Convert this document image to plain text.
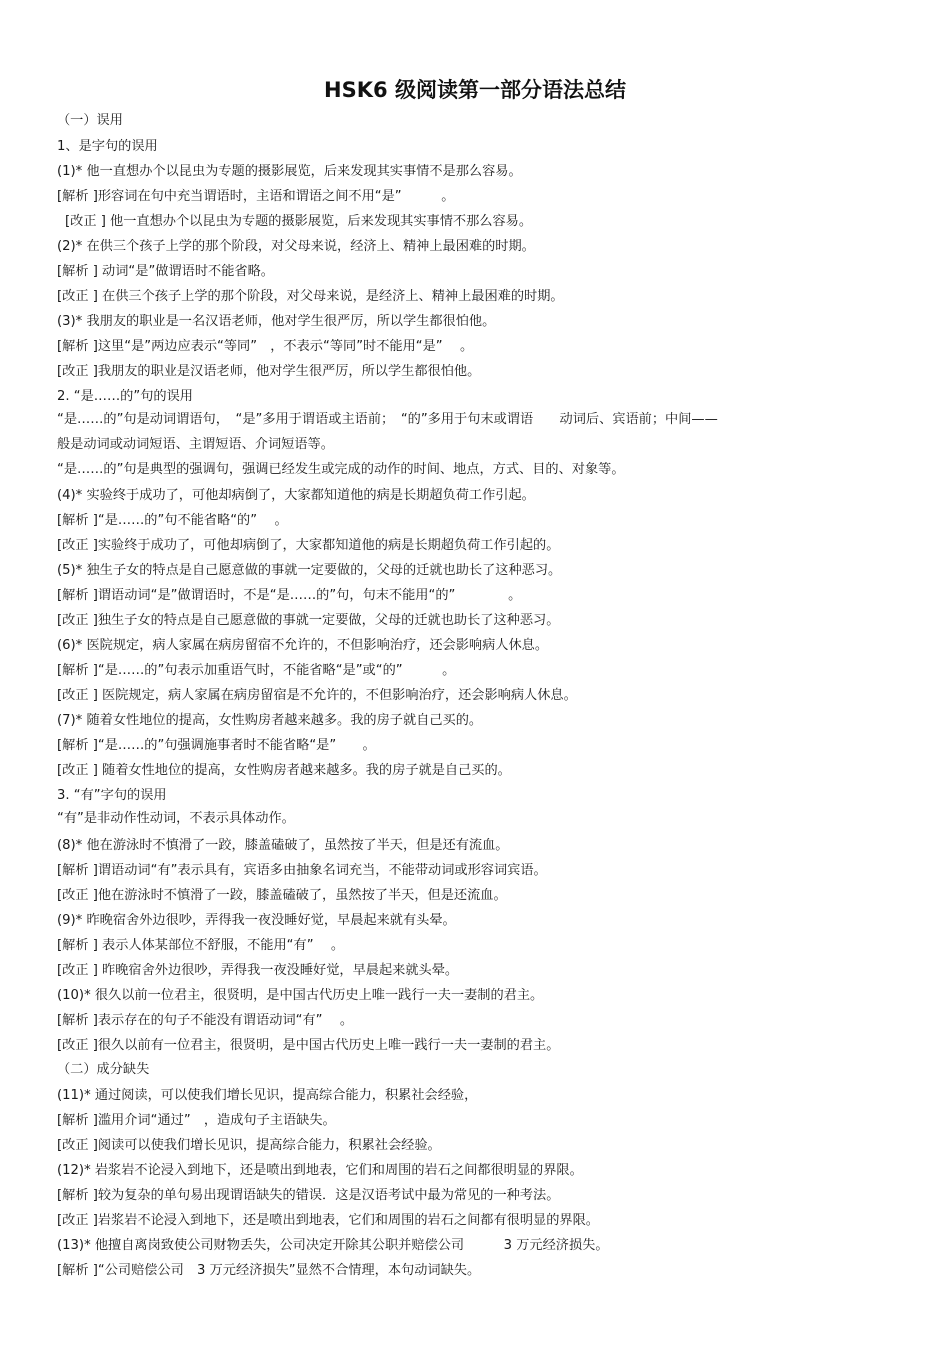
HSK6 级阅读第一部分语法总结
（一）误用
1、是字句的误用
(1)* 他一直想办个以昆虫为专题的摄影展览，后来发现其实事情不是那么容易。
[解析 ]形容词在句中充当谓语时，主语和谓语之间不用“是”　　　。
[改正 ] 他一直想办个以昆虫为专题的摄影展览，后来发现其实事情不那么容易。
(2)* 在供三个孩子上学的那个阶段，对父母来说，经济上、精神上最困难的时期。
[解析 ] 动词“是”做谓语时不能省略。
[改正 ] 在供三个孩子上学的那个阶段，对父母来说，是经济上、精神上最困难的时期。
(3)* 我朋友的职业是一名汉语老师，他对学生很严厉，所以学生都很怕他。
[解析 ]这里“是”两边应表示“等同”　，不表示“等同”时不能用“是”　 。
[改正 ]我朋友的职业是汉语老师，他对学生很严厉，所以学生都很怕他。
2. “是……的”句的误用
“是……的”句是动词谓语句，　“是”多用于谓语或主语前；　“的”多用于句末或谓语　　动词后、宾语前；中间——
般是动词或动词短语、主谓短语、介词短语等。
“是……的”句是典型的强调句，强调已经发生或完成的动作的时间、地点，方式、目的、对象等。
(4)* 实验终于成功了，可他却病倒了，大家都知道他的病是长期超负荷工作引起。
[解析 ]“是……的”句不能省略“的”　 。
[改正 ]实验终于成功了，可他却病倒了，大家都知道他的病是长期超负荷工作引起的。
(5)* 独生子女的特点是自己愿意做的事就一定要做的，父母的迁就也助长了这种恶习。
[解析 ]谓语动词“是”做谓语时，不是“是……的”句，句末不能用“的”　　　　。
[改正 ]独生子女的特点是自己愿意做的事就一定要做，父母的迁就也助长了这种恶习。
(6)* 医院规定，病人家属在病房留宿不允许的，不但影响治疗，还会影响病人休息。
[解析 ]“是……的”句表示加重语气时，不能省略“是”或“的”　　　。
[改正 ] 医院规定，病人家属在病房留宿是不允许的，不但影响治疗，还会影响病人休息。
(7)* 随着女性地位的提高，女性购房者越来越多。我的房子就自己买的。
[解析 ]“是……的”句强调施事者时不能省略“是”　　。
[改正 ] 随着女性地位的提高，女性购房者越来越多。我的房子就是自己买的。
3. “有”字句的误用
“有”是非动作性动词，不表示具体动作。
(8)* 他在游泳时不慎滑了一跤，膝盖磕破了，虽然按了半天，但是还有流血。
[解析 ]谓语动词“有”表示具有，宾语多由抽象名词充当，不能带动词或形容词宾语。
[改正 ]他在游泳时不慎滑了一跤，膝盖磕破了，虽然按了半天，但是还流血。
(9)* 昨晚宿舍外边很吵，弄得我一夜没睡好觉，早晨起来就有头晕。
[解析 ] 表示人体某部位不舒服，不能用“有”　 。
[改正 ] 昨晚宿舍外边很吵，弄得我一夜没睡好觉，早晨起来就头晕。
(10)* 很久以前一位君主，很贤明，是中国古代历史上唯一践行一夫一妻制的君主。
[解析 ]表示存在的句子不能没有谓语动词“有”　 。
[改正 ]很久以前有一位君主，很贤明，是中国古代历史上唯一践行一夫一妻制的君主。
（二）成分缺失
(11)* 通过阅读，可以使我们增长见识，提高综合能力，积累社会经验，
[解析 ]滥用介词“通过”　，造成句子主语缺失。
[改正 ]阅读可以使我们增长见识，提高综合能力，积累社会经验。
(12)* 岩浆岩不论浸入到地下，还是喷出到地表，它们和周围的岩石之间都很明显的界限。
[解析 ]较为复杂的单句易出现谓语缺失的错误．这是汉语考试中最为常见的一种考法。
[改正 ]岩浆岩不论浸入到地下，还是喷出到地表，它们和周围的岩石之间都有很明显的界限。
(13)* 他擅自离岗致使公司财物丢失，公司决定开除其公职并赔偿公司　　　3 万元经济损失。
[解析 ]“公司赔偿公司　3 万元经济损失”显然不合情理，本句动词缺失。
